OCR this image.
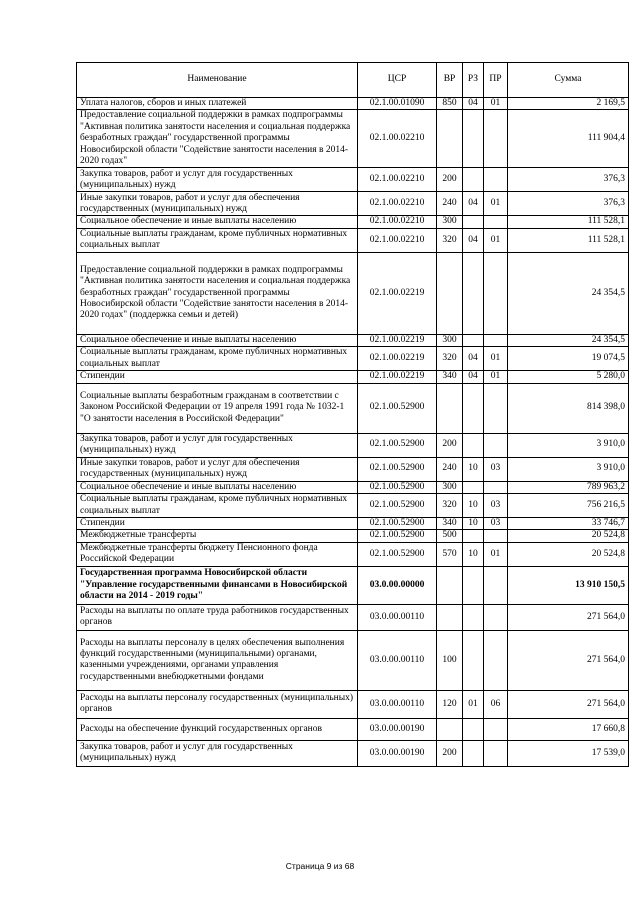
Наименование	ЦСР	ВР	РЗ	ПР	Сумма
Уплата налогов, сборов и иных платежей	02.1.00.01090	850	04	01	2 169,5
Предоставление социальной поддержки в рамках подпрограммы "Активная политика занятости населения и социальная поддержка безработных граждан" государственной программы Новосибирской области "Содействие занятости населения в 2014-2020 годах"	02.1.00.02210				111 904,4
Закупка товаров, работ и услуг для государственных (муниципальных) нужд	02.1.00.02210	200			376,3
Иные закупки товаров, работ и услуг для обеспечения государственных (муниципальных) нужд	02.1.00.02210	240	04	01	376,3
Социальное обеспечение и иные выплаты населению	02.1.00.02210	300			111 528,1
Социальные выплаты гражданам, кроме публичных нормативных социальных выплат	02.1.00.02210	320	04	01	111 528,1
Предоставление социальной поддержки в рамках подпрограммы "Активная политика занятости населения и социальная поддержка безработных граждан" государственной программы Новосибирской области "Содействие занятости населения в 2014-2020 годах" (поддержка семьи и детей)	02.1.00.02219				24 354,5
Социальное обеспечение и иные выплаты населению	02.1.00.02219	300			24 354,5
Социальные выплаты гражданам, кроме публичных нормативных социальных выплат	02.1.00.02219	320	04	01	19 074,5
Стипендии	02.1.00.02219	340	04	01	5 280,0
Социальные выплаты безработным гражданам в соответствии с Законом Российской Федерации от 19 апреля 1991 года № 1032-1 "О занятости населения в Российской Федерации"	02.1.00.52900				814 398,0
Закупка товаров, работ и услуг для государственных (муниципальных) нужд	02.1.00.52900	200			3 910,0
Иные закупки товаров, работ и услуг для обеспечения государственных (муниципальных) нужд	02.1.00.52900	240	10	03	3 910,0
Социальное обеспечение и иные выплаты населению	02.1.00.52900	300			789 963,2
Социальные выплаты гражданам, кроме публичных нормативных социальных выплат	02.1.00.52900	320	10	03	756 216,5
Стипендии	02.1.00.52900	340	10	03	33 746,7
Межбюджетные трансферты	02.1.00.52900	500			20 524,8
Межбюджетные трансферты бюджету Пенсионного фонда Российской Федерации	02.1.00.52900	570	10	01	20 524,8
Государственная программа Новосибирской области "Управление государственными финансами в Новосибирской области на 2014 - 2019 годы"	03.0.00.00000				13 910 150,5
Расходы на выплаты по оплате труда работников государственных органов	03.0.00.00110				271 564,0
Расходы на выплаты персоналу в целях обеспечения выполнения функций государственными (муниципальными) органами, казенными учреждениями, органами управления государственными внебюджетными фондами	03.0.00.00110	100			271 564,0
Расходы на выплаты персоналу государственных (муниципальных) органов	03.0.00.00110	120	01	06	271 564,0
Расходы на обеспечение функций государственных органов	03.0.00.00190				17 660,8
Закупка товаров, работ и услуг для государственных (муниципальных) нужд	03.0.00.00190	200			17 539,0
Страница 9 из 68
